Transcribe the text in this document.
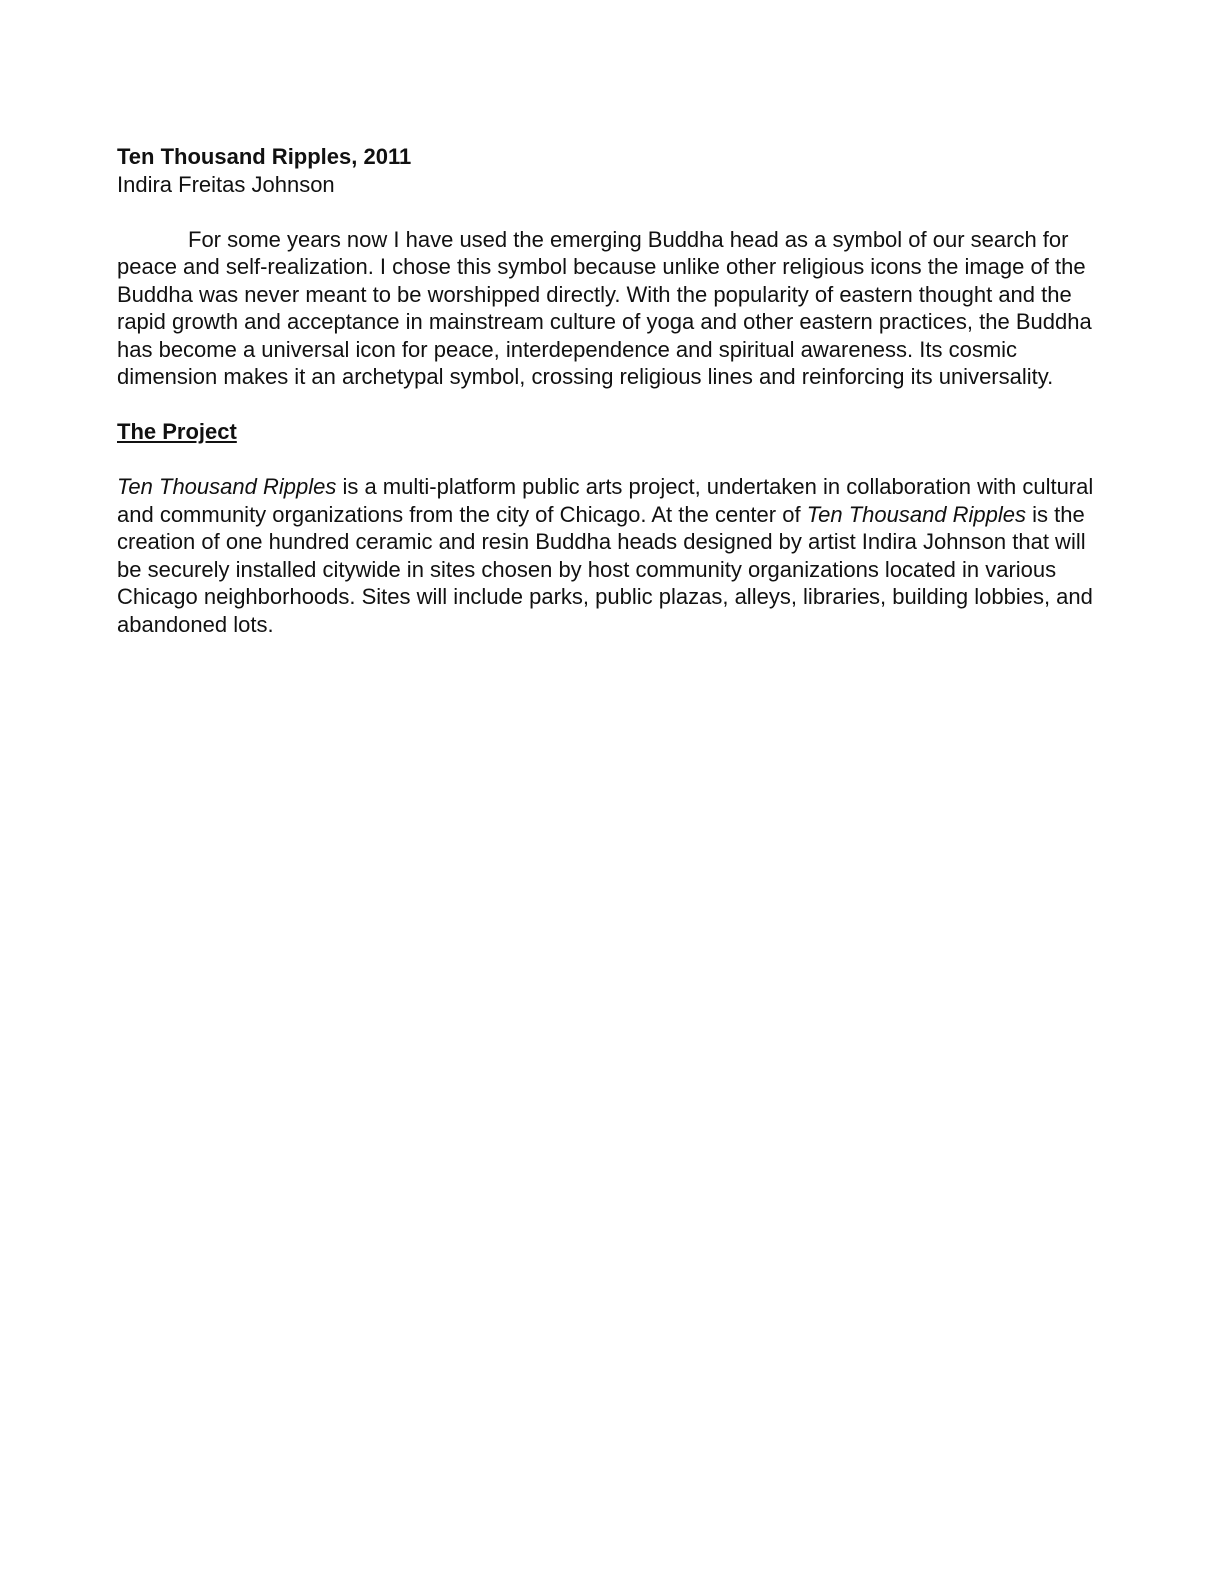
Ten Thousand Ripples, 2011

Indira Freitas Johnson

For some years now I have used the emerging Buddha head as a symbol of our search for peace and self-realization. I chose this symbol because unlike other religious icons the image of the Buddha was never meant to be worshipped directly. With the popularity of eastern thought and the rapid growth and acceptance in mainstream culture of yoga and other eastern practices, the Buddha has become a universal icon for peace, interdependence and spiritual awareness. Its cosmic dimension makes it an archetypal symbol, crossing religious lines and reinforcing its universality.

The Project

Ten Thousand Ripples is a multi-platform public arts project, undertaken in collaboration with cultural and community organizations from the city of Chicago. At the center of Ten Thousand Ripples is the creation of one hundred ceramic and resin Buddha heads designed by artist Indira Johnson that will be securely installed citywide in sites chosen by host community organizations located in various Chicago neighborhoods. Sites will include parks, public plazas, alleys, libraries, building lobbies, and abandoned lots.
